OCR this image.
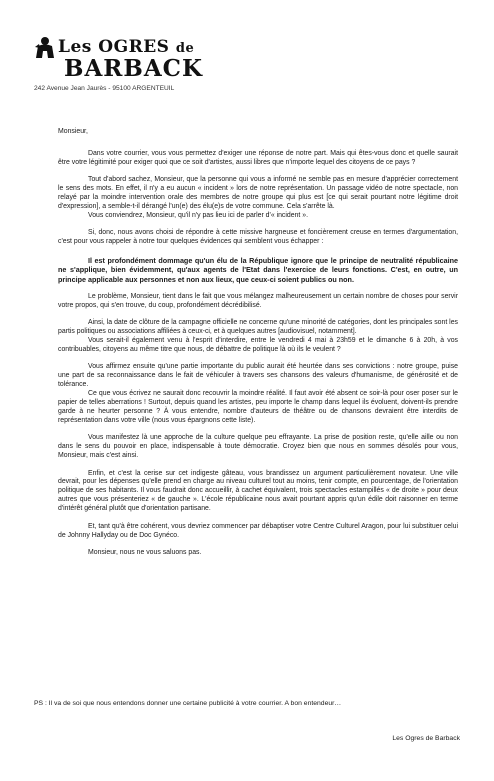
Les OGRES de
BARBACK
242 Avenue Jean Jaurès - 95100 ARGENTEUIL

Monsieur,

Dans votre courrier, vous vous permettez d'exiger une réponse de notre part. Mais qui êtes-vous donc et quelle saurait être votre légitimité pour exiger quoi que ce soit d'artistes, aussi libres que n'importe lequel des citoyens de ce pays ?

Tout d'abord sachez, Monsieur, que la personne qui vous a informé ne semble pas en mesure d'apprécier correctement le sens des mots. En effet, il n'y a eu aucun « incident » lors de notre représentation. Un passage vidéo de notre spectacle, non relayé par la moindre intervention orale des membres de notre groupe qui plus est [ce qui serait pourtant notre légitime droit d'expression], a semble-t-il dérangé l'un(e) des élu(e)s de votre commune. Cela s'arrête là.

Vous conviendrez, Monsieur, qu'il n'y pas lieu ici de parler d'« incident ».

Si, donc, nous avons choisi de répondre à cette missive hargneuse et foncièrement creuse en termes d'argumentation, c'est pour vous rappeler à notre tour quelques évidences qui semblent vous échapper :

Il est profondément dommage qu'un élu de la République ignore que le principe de neutralité républicaine ne s'applique, bien évidemment, qu'aux agents de l'Etat dans l'exercice de leurs fonctions. C'est, en outre, un principe applicable aux personnes et non aux lieux, que ceux-ci soient publics ou non.

Le problème, Monsieur, tient dans le fait que vous mélangez malheureusement un certain nombre de choses pour servir votre propos, qui s'en trouve, du coup, profondément décrédibilisé.

Ainsi, la date de clôture de la campagne officielle ne concerne qu'une minorité de catégories, dont les principales sont les partis politiques ou associations affiliées à ceux-ci, et à quelques autres [audiovisuel, notamment].

Vous serait-il également venu à l'esprit d'interdire, entre le vendredi 4 mai à 23h59 et le dimanche 6 à 20h, à vos contribuables, citoyens au même titre que nous, de débattre de politique là où ils le veulent ?

Vous affirmez ensuite qu'une partie importante du public aurait été heurtée dans ses convictions : notre groupe, puise une part de sa reconnaissance dans le fait de véhiculer à travers ses chansons des valeurs d'humanisme, de générosité et de tolérance.

Ce que vous écrivez ne saurait donc recouvrir la moindre réalité. Il faut avoir été absent ce soir-là pour oser poser sur le papier de telles aberrations ! Surtout, depuis quand les artistes, peu importe le champ dans lequel ils évoluent, doivent-ils prendre garde à ne heurter personne ? À vous entendre, nombre d'auteurs de théâtre ou de chansons devraient être interdits de représentation dans votre ville (nous vous épargnons cette liste).

Vous manifestez là une approche de la culture quelque peu effrayante. La prise de position reste, qu'elle aille ou non dans le sens du pouvoir en place, indispensable à toute démocratie. Croyez bien que nous en sommes désolés pour vous, Monsieur, mais c'est ainsi.

Enfin, et c'est la cerise sur cet indigeste gâteau, vous brandissez un argument particulièrement novateur. Une ville devrait, pour les dépenses qu'elle prend en charge au niveau culturel tout au moins, tenir compte, en pourcentage, de l'orientation politique de ses habitants. Il vous faudrait donc accueillir, à cachet équivalent, trois spectacles estampillés « de droite » pour deux autres que vous présenteriez « de gauche ». L'école républicaine nous avait pourtant appris qu'un édile doit raisonner en terme d'intérêt général plutôt que d'orientation partisane.

Et, tant qu'à être cohérent, vous devriez commencer par débaptiser votre Centre Culturel Aragon, pour lui substituer celui de Johnny Hallyday ou de Doc Gynéco.

Monsieur, nous ne vous saluons pas.

PS : Il va de soi que nous entendons donner une certaine publicité à votre courrier. A bon entendeur…
Les Ogres de Barback
